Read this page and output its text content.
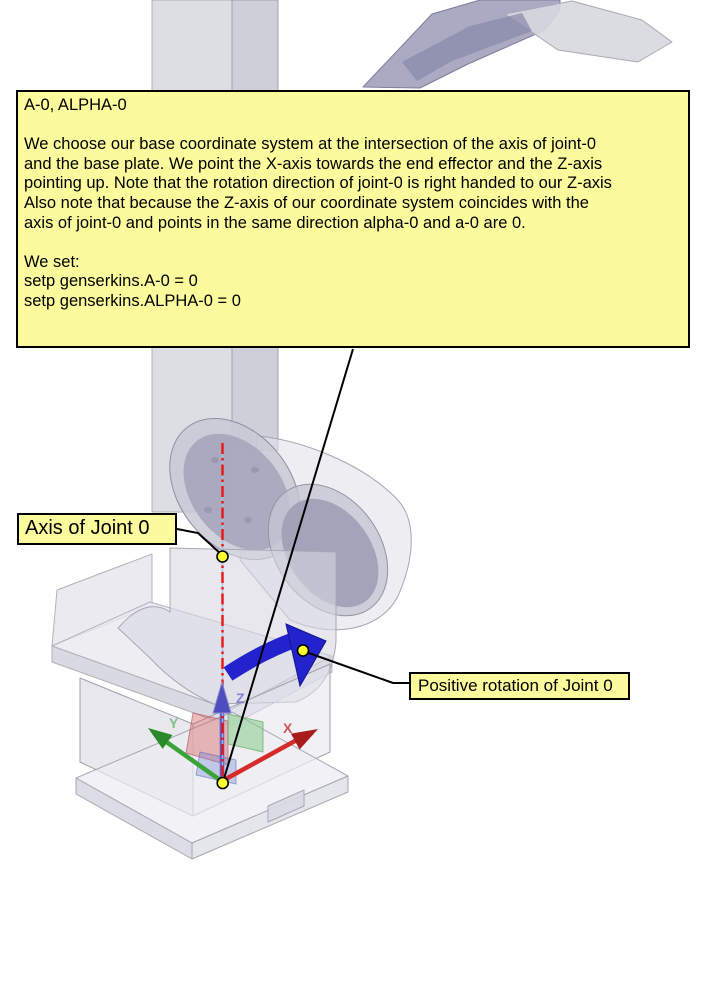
X
Y
Z
A-0, ALPHA-0
We choose our base coordinate system at the intersection of the axis of joint-0
and the base plate. We point the X-axis towards the end effector and the Z-axis
pointing up. Note that the rotation direction of joint-0 is right handed to our Z-axis
Also note that because the Z-axis of our coordinate system coincides with the
axis of joint-0 and points in the same direction alpha-0 and a-0 are 0.
We set:
setp genserkins.A-0 = 0
setp genserkins.ALPHA-0 = 0
Axis of Joint 0
Positive rotation of Joint 0
